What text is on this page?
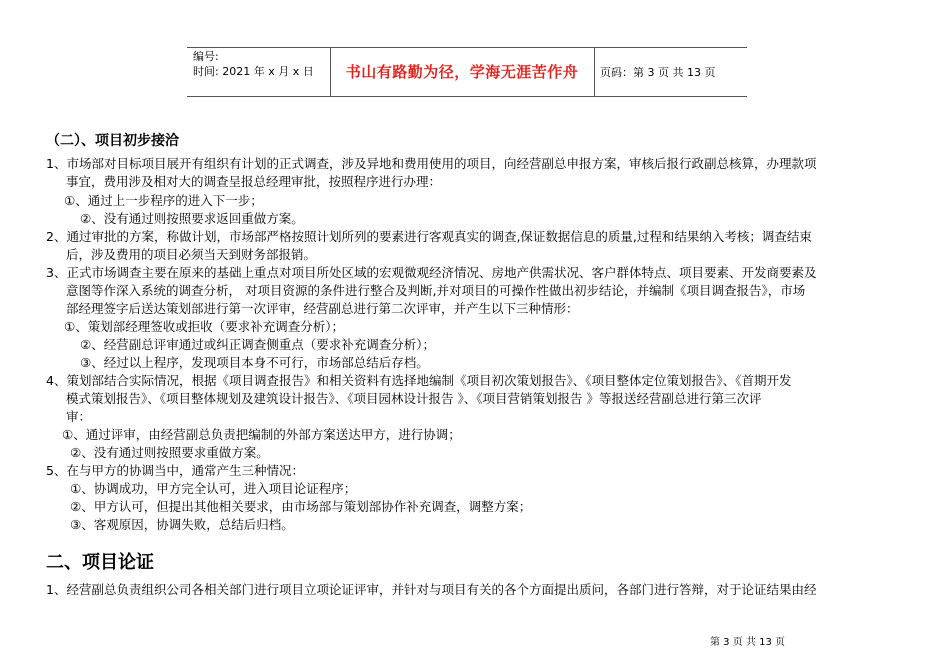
编号:
时间: 2021 年 x 月 x 日	书山有路勤为径，学海无涯苦作舟	页码：第 3 页 共 13 页
（二）、项目初步接洽
1、市场部对目标项目展开有组织有计划的正式调查，涉及异地和费用使用的项目，向经营副总申报方案，审核后报行政副总核算，办理款项
事宜，费用涉及相对大的调查呈报总经理审批，按照程序进行办理：
①、通过上一步程序的进入下一步；
②、没有通过则按照要求返回重做方案。
2、通过审批的方案，称做计划，市场部严格按照计划所列的要素进行客观真实的调查,保证数据信息的质量,过程和结果纳入考核；调查结束
后，涉及费用的项目必须当天到财务部报销。
3、正式市场调查主要在原来的基础上重点对项目所处区域的宏观微观经济情况、房地产供需状况、客户群体特点、项目要素、开发商要素及
意图等作深入系统的调查分析， 对项目资源的条件进行整合及判断,并对项目的可操作性做出初步结论，并编制《项目调查报告》，市场
部经理签字后送达策划部进行第一次评审，经营副总进行第二次评审，并产生以下三种情形：
①、策划部经理签收或拒收（要求补充调查分析）；
②、经营副总评审通过或纠正调查侧重点（要求补充调查分析）；
③、经过以上程序，发现项目本身不可行，市场部总结后存档。
4、策划部结合实际情况，根据《项目调查报告》和相关资料有选择地编制《项目初次策划报告》、《项目整体定位策划报告》、《首期开发
模式策划报告》、《项目整体规划及建筑设计报告》、《项目园林设计报告 》、《项目营销策划报告 》等报送经营副总进行第三次评
审：
①、通过评审，由经营副总负责把编制的外部方案送达甲方，进行协调；
②、没有通过则按照要求重做方案。
5、在与甲方的协调当中，通常产生三种情况：
①、协调成功，甲方完全认可，进入项目论证程序；
②、甲方认可，但提出其他相关要求，由市场部与策划部协作补充调查，调整方案；
③、客观原因，协调失败，总结后归档。
二、项目论证
1、经营副总负责组织公司各相关部门进行项目立项论证评审，并针对与项目有关的各个方面提出质问，各部门进行答辩，对于论证结果由经
第 3 页 共 13 页
